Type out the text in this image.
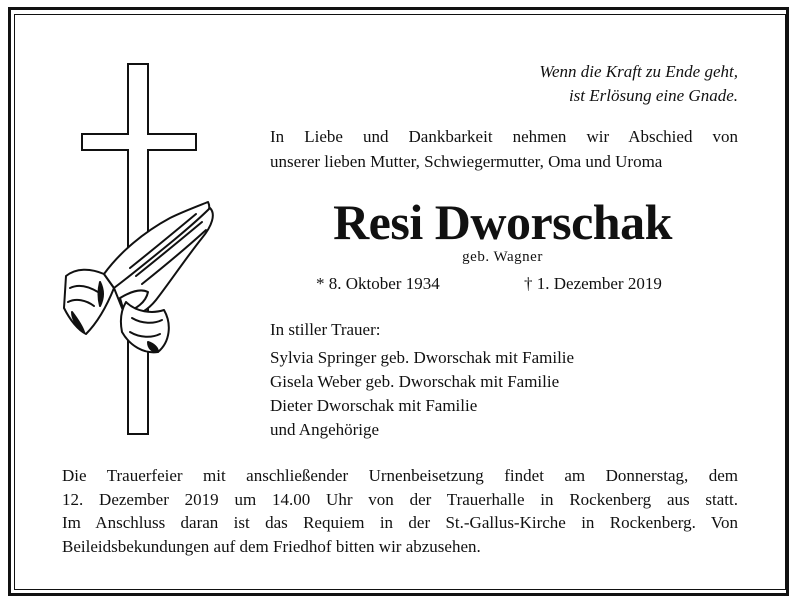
Wenn die Kraft zu Ende geht,
ist Erlösung eine Gnade.
In Liebe und Dankbarkeit nehmen wir Abschied von
unserer lieben Mutter, Schwiegermutter, Oma und Uroma
Resi Dworschak
geb. Wagner
* 8. Oktober 1934	† 1. Dezember 2019
In stiller Trauer:
Sylvia Springer geb. Dworschak mit Familie
Gisela Weber geb. Dworschak mit Familie
Dieter Dworschak mit Familie
und Angehörige
Die Trauerfeier mit anschließender Urnenbeisetzung findet am Donnerstag, dem
12. Dezember 2019 um 14.00 Uhr von der Trauerhalle in Rockenberg aus statt.
Im Anschluss daran ist das Requiem in der St.-Gallus-Kirche in Rockenberg. Von
Beileidsbekundungen auf dem Friedhof bitten wir abzusehen.
